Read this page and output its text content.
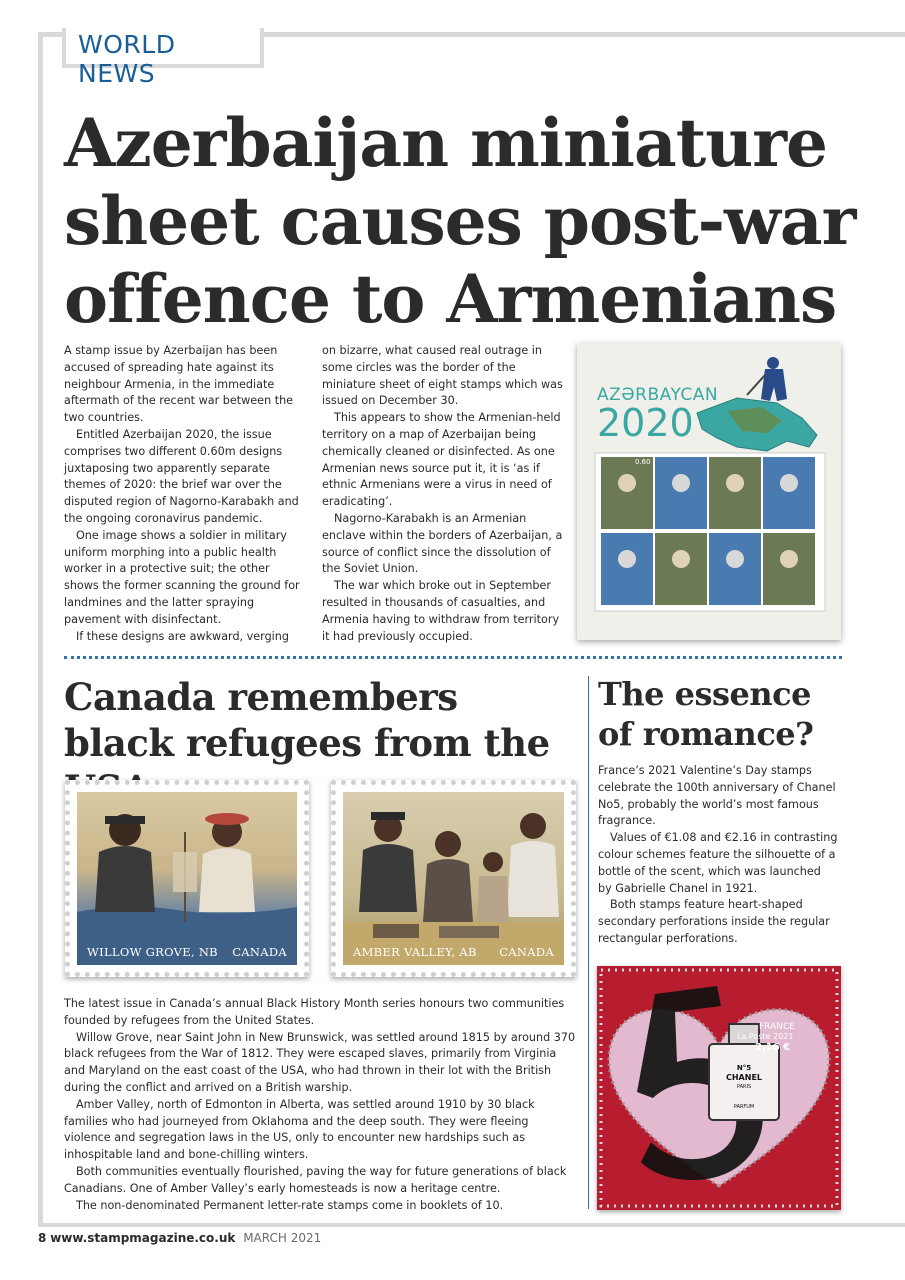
WORLD NEWS
Azerbaijan miniature sheet causes post-war offence to Armenians

A stamp issue by Azerbaijan has been accused of spreading hate against its neighbour Armenia, in the immediate aftermath of the recent war between the two countries.

Entitled Azerbaijan 2020, the issue comprises two different 0.60m designs juxtaposing two apparently separate themes of 2020: the brief war over the disputed region of Nagorno-Karabakh and the ongoing coronavirus pandemic.

One image shows a soldier in military uniform morphing into a public health worker in a protective suit; the other shows the former scanning the ground for landmines and the latter spraying pavement with disinfectant.

If these designs are awkward, verging

on bizarre, what caused real outrage in some circles was the border of the miniature sheet of eight stamps which was issued on December 30.

This appears to show the Armenian-held territory on a map of Azerbaijan being chemically cleaned or disinfected. As one Armenian news source put it, it is ‘as if ethnic Armenians were a virus in need of eradicating’.

Nagorno-Karabakh is an Armenian enclave within the borders of Azerbaijan, a source of conflict since the dissolution of the Soviet Union.

The war which broke out in September resulted in thousands of casualties, and Armenia having to withdraw from territory it had previously occupied.

AZƏRBAYCAN
2020
0.60
Canada remembers black refugees from the
The essence of romance?
WILLOW GROVE, NB CANADA	AMBER VALLEY, AB CANADA

The latest issue in Canada’s annual Black History Month series honours two communities founded by refugees from the United States.

Willow Grove, near Saint John in New Brunswick, was settled around 1815 by around 370 black refugees from the War of 1812. They were escaped slaves, primarily from Virginia and Maryland on the east coast of the USA, who had thrown in their lot with the British during the conflict and arrived on a British warship.

Amber Valley, north of Edmonton in Alberta, was settled around 1910 by 30 black families who had journeyed from Oklahoma and the deep south. They were fleeing violence and segregation laws in the US, only to encounter new hardships such as inhospitable land and bone-chilling winters.

Both communities eventually flourished, paving the way for future generations of black Canadians. One of Amber Valley’s early homesteads is now a heritage centre.

The non-denominated Permanent letter-rate stamps come in booklets of 10.

France’s 2021 Valentine’s Day stamps celebrate the 100th anniversary of Chanel No5, probably the world’s most famous fragrance.

Values of €1.08 and €2.16 in contrasting colour schemes feature the silhouette of a bottle of the scent, which was launched by Gabrielle Chanel in 1921.

Both stamps feature heart-shaped secondary perforations inside the regular rectangular perforations.

FRANCE
La Poste 2021
2,16 €
N°5
CHANEL
PARIS
PARFUM
8 www.stampmagazine.co.uk MARCH 2021
